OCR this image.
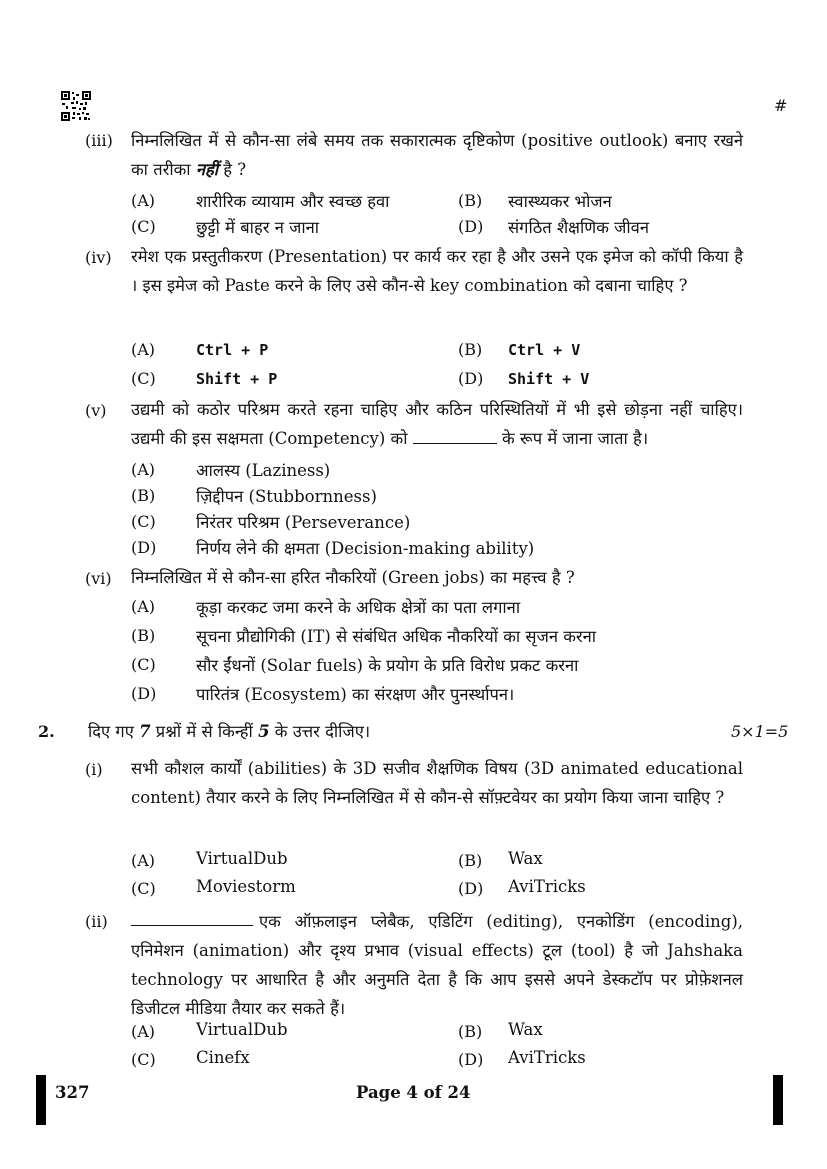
#
(iii) निम्नलिखित में से कौन-सा लंबे समय तक सकारात्मक दृष्टिकोण (positive outlook) बनाए रखने का तरीका नहीं है ?
(A) शारीरिक व्यायाम और स्वच्छ हवा	(B) स्वास्थ्यकर भोजन
(C) छुट्टी में बाहर न जाना	(D) संगठित शैक्षणिक जीवन
(iv) रमेश एक प्रस्तुतीकरण (Presentation) पर कार्य कर रहा है और उसने एक इमेज को कॉपी किया है । इस इमेज को Paste करने के लिए उसे कौन-से key combination को दबाना चाहिए ?
(A)	Ctrl + P	(B) Ctrl + V
(C)	Shift + P	(D) Shift + V
(v) उद्यमी को कठोर परिश्रम करते रहना चाहिए और कठिन परिस्थितियों में भी इसे छोड़ना नहीं चाहिए। उद्यमी की इस सक्षमता (Competency) को	के रूप में जाना जाता है।
(A) आलस्य (Laziness)
(B) ज़िद्दीपन (Stubbornness)
(C) निरंतर परिश्रम (Perseverance)
(D) निर्णय लेने की क्षमता (Decision-making ability)
(vi) निम्नलिखित में से कौन-सा हरित नौकरियों (Green jobs) का महत्त्व है ?
(A) कूड़ा करकट जमा करने के अधिक क्षेत्रों का पता लगाना
(B) सूचना प्रौद्योगिकी (IT) से संबंधित अधिक नौकरियों का सृजन करना
(C) सौर ईंधनों (Solar fuels) के प्रयोग के प्रति विरोध प्रकट करना
(D) पारितंत्र (Ecosystem) का संरक्षण और पुनर्स्थापन।
2. दिए गए 7 प्रश्नों में से किन्हीं 5 के उत्तर दीजिए।	5×1=5
(i) सभी कौशल कार्यों (abilities) के 3D सजीव शैक्षणिक विषय (3D animated educational content) तैयार करने के लिए निम्नलिखित में से कौन-से सॉफ़्टवेयर का प्रयोग किया जाना चाहिए ?
(A) VirtualDub	(B) Wax
(C) Moviestorm	(D) AviTricks
(ii)	एक ऑफ़लाइन प्लेबैक, एडिटिंग (editing), एनकोडिंग (encoding), एनिमेशन (animation) और दृश्य प्रभाव (visual effects) टूल (tool) है जो Jahshaka technology पर आधारित है और अनुमति देता है कि आप इससे अपने डेस्कटॉप पर प्रोफ़ेशनल डिजीटल मीडिया तैयार कर सकते हैं।
(A) VirtualDub	(B) Wax
(C) Cinefx	(D) AviTricks
327	Page 4 of 24
